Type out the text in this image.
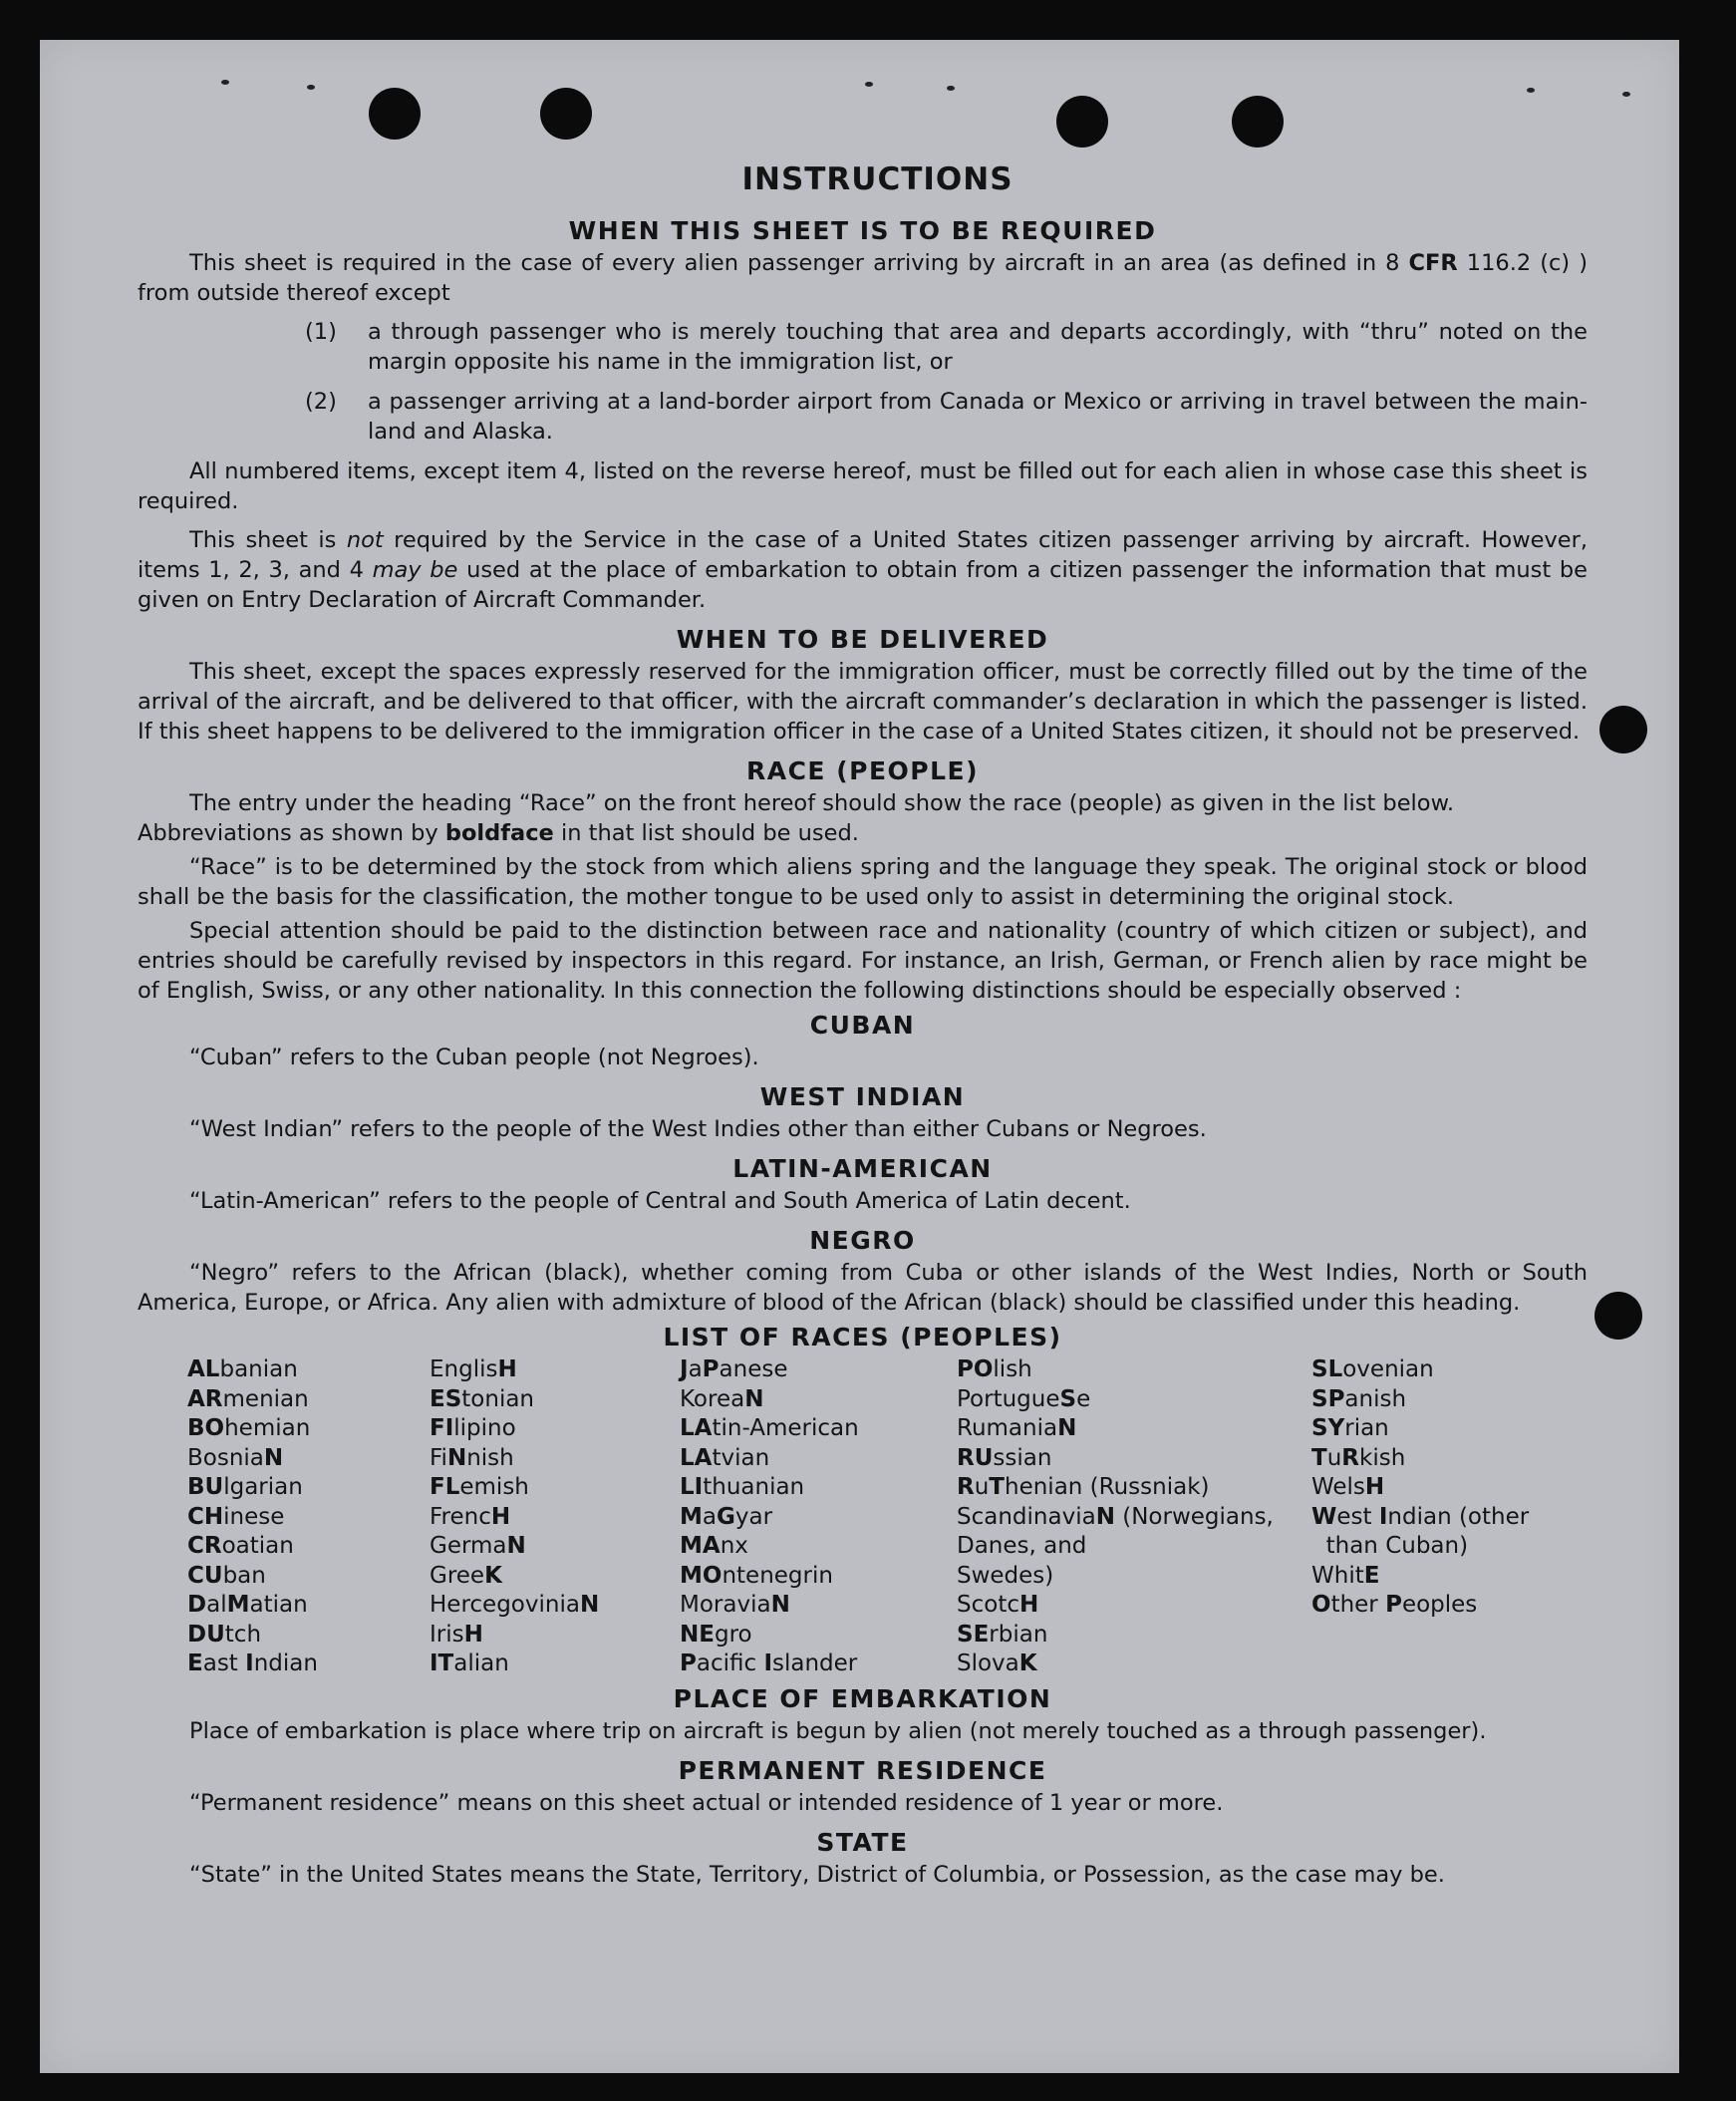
INSTRUCTIONS
WHEN THIS SHEET IS TO BE REQUIRED

This sheet is required in the case of every alien passenger arriving by aircraft in an area (as defined in 8 CFR 116.2 (c) ) from outside thereof except

(1)	a through passenger who is merely touching that area and departs accordingly, with “thru” noted on the margin opposite his name in the immigration list, or
(2)	a passenger arriving at a land-border airport from Canada or Mexico or arriving in travel between the main-land and Alaska.

All numbered items, except item 4, listed on the reverse hereof, must be filled out for each alien in whose case this sheet is required.

This sheet is not required by the Service in the case of a United States citizen passenger arriving by aircraft. However, items 1, 2, 3, and 4 may be used at the place of embarkation to obtain from a citizen passenger the information that must be given on Entry Declaration of Aircraft Commander.

WHEN TO BE DELIVERED

This sheet, except the spaces expressly reserved for the immigration officer, must be correctly filled out by the time of the arrival of the aircraft, and be delivered to that officer, with the aircraft commander’s declaration in which the passenger is listed. If this sheet happens to be delivered to the immigration officer in the case of a United States citizen, it should not be preserved.

RACE (PEOPLE)

The entry under the heading “Race” on the front hereof should show the race (people) as given in the list below.

Abbreviations as shown by boldface in that list should be used.

“Race” is to be determined by the stock from which aliens spring and the language they speak. The original stock or blood shall be the basis for the classification, the mother tongue to be used only to assist in determining the original stock.

Special attention should be paid to the distinction between race and nationality (country of which citizen or subject), and entries should be carefully revised by inspectors in this regard. For instance, an Irish, German, or French alien by race might be of English, Swiss, or any other nationality. In this connection the following distinctions should be especially observed :

CUBAN

“Cuban” refers to the Cuban people (not Negroes).

WEST INDIAN

“West Indian” refers to the people of the West Indies other than either Cubans or Negroes.

LATIN-AMERICAN

“Latin-American” refers to the people of Central and South America of Latin decent.

NEGRO

“Negro” refers to the African (black), whether coming from Cuba or other islands of the West Indies, North or South America, Europe, or Africa. Any alien with admixture of blood of the African (black) should be classified under this heading.

LIST OF RACES (PEOPLES)
ALbanian
ARmenian
BOhemian
BosniaN
BUlgarian
CHinese
CRoatian
CUban
DalMatian
DUtch
East Indian
EnglisH
EStonian
FIlipino
FiNnish
FLemish
FrencH
GermaN
GreeK
HercegoviniaN
IrisH
ITalian
JaPanese
KoreaN
LAtin-American
LAtvian
LIthuanian
MaGyar
MAnx
MOntenegrin
MoraviaN
NEgro
Pacific Islander
POlish
PortugueSe
RumaniaN
RUssian
RuThenian (Russniak)
ScandinaviaN (Norwegians,
Danes, and
Swedes)
ScotcH
SErbian
SlovaK
SLovenian
SPanish
SYrian
TuRkish
WelsH
West Indian (other
than Cuban)
WhitE
Other Peoples
PLACE OF EMBARKATION

Place of embarkation is place where trip on aircraft is begun by alien (not merely touched as a through passenger).

PERMANENT RESIDENCE

“Permanent residence” means on this sheet actual or intended residence of 1 year or more.

STATE

“State” in the United States means the State, Territory, District of Columbia, or Possession, as the case may be.
